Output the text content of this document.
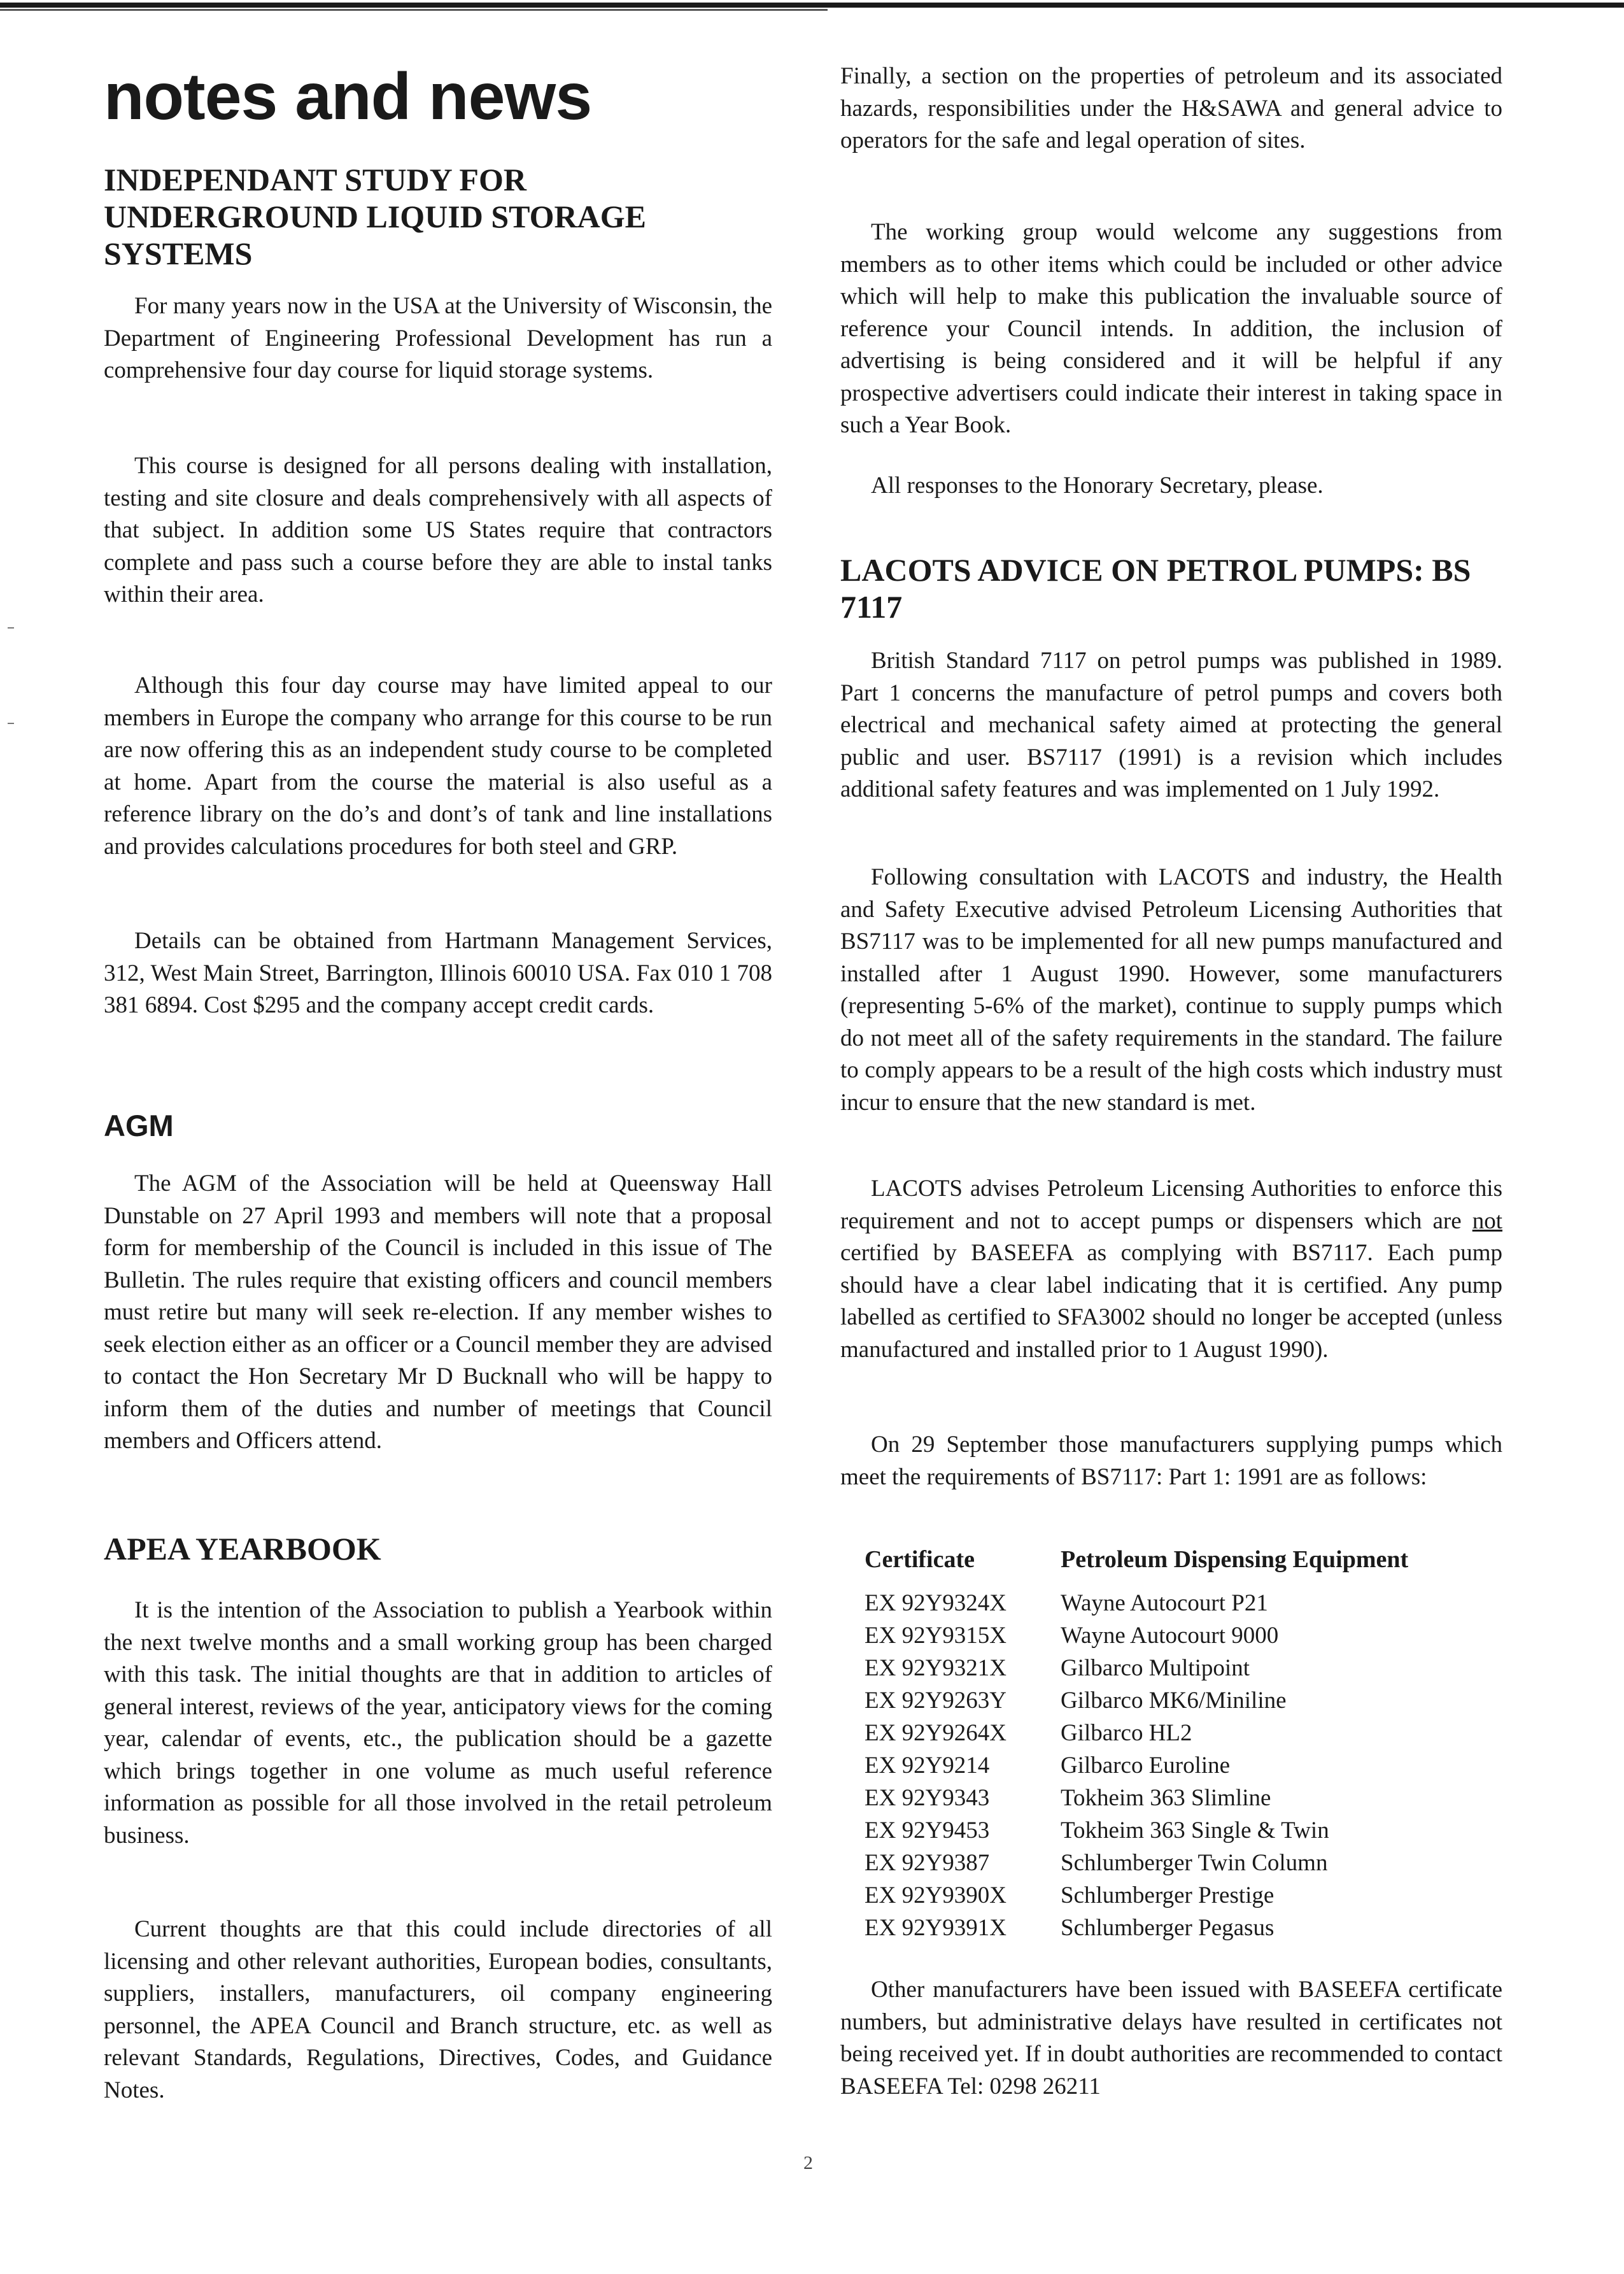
notes and news
INDEPENDANT STUDY FOR UNDERGROUND LIQUID STORAGE SYSTEMS

For many years now in the USA at the University of Wisconsin, the Department of Engineering Professional Development has run a comprehensive four day course for liquid storage systems.

This course is designed for all persons dealing with installation, testing and site closure and deals comprehensively with all aspects of that subject. In addition some US States require that contractors complete and pass such a course before they are able to instal tanks within their area.

Although this four day course may have limited appeal to our members in Europe the company who arrange for this course to be run are now offering this as an independent study course to be completed at home. Apart from the course the material is also useful as a reference library on the do’s and dont’s of tank and line installations and provides calculations procedures for both steel and GRP.

Details can be obtained from Hartmann Management Services, 312, West Main Street, Barrington, Illinois 60010 USA. Fax 010 1 708 381 6894. Cost $295 and the company accept credit cards.

AGM

The AGM of the Association will be held at Queensway Hall Dunstable on 27 April 1993 and members will note that a proposal form for membership of the Council is included in this issue of The Bulletin. The rules require that existing officers and council members must retire but many will seek re-election. If any member wishes to seek election either as an officer or a Council member they are advised to contact the Hon Secretary Mr D Bucknall who will be happy to inform them of the duties and number of meetings that Council members and Officers attend.

APEA YEARBOOK

It is the intention of the Association to publish a Yearbook within the next twelve months and a small working group has been charged with this task. The initial thoughts are that in addition to articles of general interest, reviews of the year, anticipatory views for the coming year, calendar of events, etc., the publication should be a gazette which brings together in one volume as much useful reference information as possible for all those involved in the retail petroleum business.

Current thoughts are that this could include directories of all licensing and other relevant authorities, European bodies, consultants, suppliers, installers, manufacturers, oil company engineering personnel, the APEA Council and Branch structure, etc. as well as relevant Standards, Regulations, Directives, Codes, and Guidance Notes.

Finally, a section on the properties of petroleum and its associated hazards, responsibilities under the H&SAWA and general advice to operators for the safe and legal operation of sites.

The working group would welcome any suggestions from members as to other items which could be included or other advice which will help to make this publication the invaluable source of reference your Council intends. In addition, the inclusion of advertising is being considered and it will be helpful if any prospective advertisers could indicate their interest in taking space in such a Year Book.

All responses to the Honorary Secretary, please.

LACOTS ADVICE ON PETROL PUMPS: BS 7117

British Standard 7117 on petrol pumps was published in 1989. Part 1 concerns the manufacture of petrol pumps and covers both electrical and mechanical safety aimed at protecting the general public and user. BS7117 (1991) is a revision which includes additional safety features and was implemented on 1 July 1992.

Following consultation with LACOTS and industry, the Health and Safety Executive advised Petroleum Licensing Authorities that BS7117 was to be implemented for all new pumps manufactured and installed after 1 August 1990. However, some manufacturers (representing 5-6% of the market), continue to supply pumps which do not meet all of the safety requirements in the standard. The failure to comply appears to be a result of the high costs which industry must incur to ensure that the new standard is met.

LACOTS advises Petroleum Licensing Authorities to enforce this requirement and not to accept pumps or dispensers which are not certified by BASEEFA as complying with BS7117. Each pump should have a clear label indicating that it is certified. Any pump labelled as certified to SFA3002 should no longer be accepted (unless manufactured and installed prior to 1 August 1990).

On 29 September those manufacturers supplying pumps which meet the requirements of BS7117: Part 1: 1991 are as follows:

Certificate	Petroleum Dispensing Equipment
EX 92Y9324X	Wayne Autocourt P21
EX 92Y9315X	Wayne Autocourt 9000
EX 92Y9321X	Gilbarco Multipoint
EX 92Y9263Y	Gilbarco MK6/Miniline
EX 92Y9264X	Gilbarco HL2
EX 92Y9214	Gilbarco Euroline
EX 92Y9343	Tokheim 363 Slimline
EX 92Y9453	Tokheim 363 Single & Twin
EX 92Y9387	Schlumberger Twin Column
EX 92Y9390X	Schlumberger Prestige
EX 92Y9391X	Schlumberger Pegasus

Other manufacturers have been issued with BASEEFA certificate numbers, but administrative delays have resulted in certificates not being received yet. If in doubt authorities are recommended to contact BASEEFA Tel: 0298 26211

2
